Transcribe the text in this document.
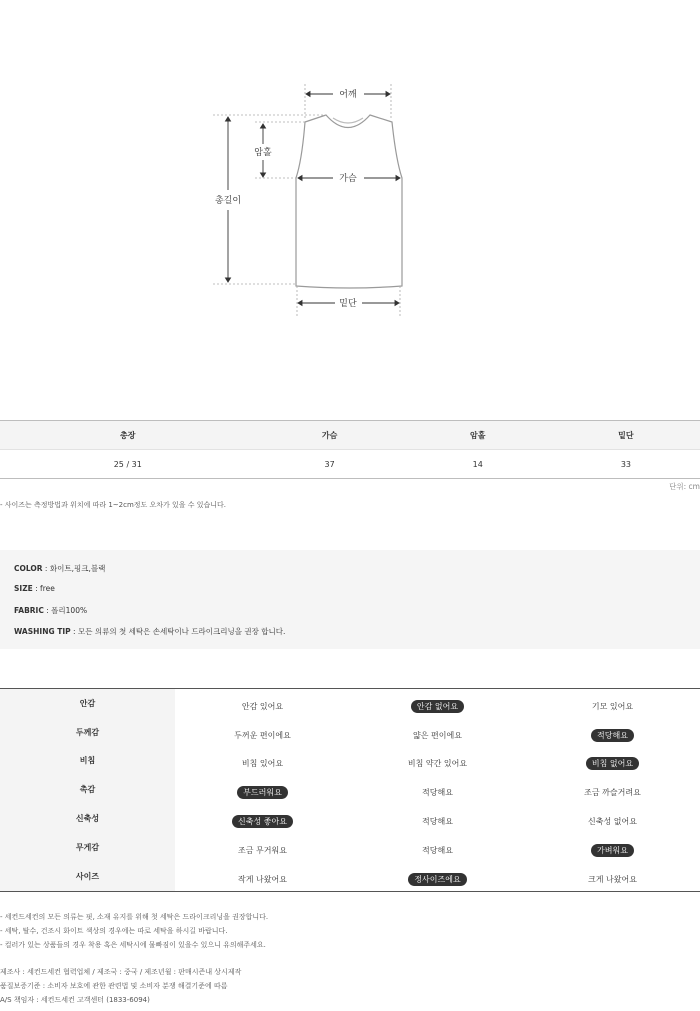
어깨
암홀
가슴
총길이
밑단
총장	가슴	암홀	밑단
25 / 31	37	14	33
단위: cm
- 사이즈는 측정방법과 위치에 따라 1~2cm정도 오차가 있을 수 있습니다.
COLOR : 화이트,핑크,블랙
SIZE : free
FABRIC : 폴리100%
WASHING TIP : 모든 의류의 첫 세탁은 손세탁이나 드라이크리닝을 권장 합니다.
안감	안감 있어요	안감 없어요	기모 있어요
두께감	두꺼운 편이에요	얇은 편이에요	적당해요
비침	비침 있어요	비침 약간 있어요	비침 없어요
촉감	부드러워요	적당해요	조금 까슬거려요
신축성	신축성 좋아요	적당해요	신축성 없어요
무게감	조금 무거워요	적당해요	가벼워요
사이즈	작게 나왔어요	정사이즈에요	크게 나왔어요
- 세컨드세컨의 모든 의류는 핏, 소재 유지를 위해 첫 세탁은 드라이크리닝을 권장합니다.
- 세탁, 탈수, 건조시 화이트 색상의 경우에는 따로 세탁을 하시길 바랍니다.
- 컬러가 있는 상품들의 경우 착용 혹은 세탁시에 물빠짐이 있을수 있으니 유의해주세요.
제조사 : 세컨드세컨 협력업체 / 제조국 : 중국 / 제조년월 : 판매시즌내 상시제작
품질보증기준 : 소비자 보호에 관한 관련법 및 소비자 분쟁 해결기준에 따름
A/S 책임자 : 세컨드세컨 고객센터 (1833-6094)
